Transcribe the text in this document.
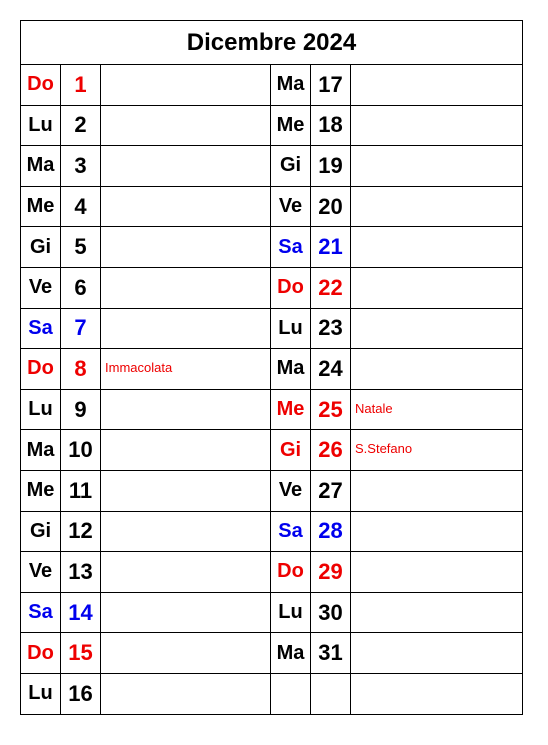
Dicembre 2024					
Do	1		Ma	17	

Lu	2		Me	18	

Ma	3		Gi	19	

Me	4		Ve	20	

Gi	5		Sa	21	

Ve	6		Do	22	

Sa	7		Lu	23	

Do	8	Immacolata	Ma	24	

Lu	9		Me	25	Natale

Ma	10		Gi	26	S.Stefano

Me	11		Ve	27	

Gi	12		Sa	28	

Ve	13		Do	29	

Sa	14		Lu	30	

Do	15		Ma	31	

Lu	16	
